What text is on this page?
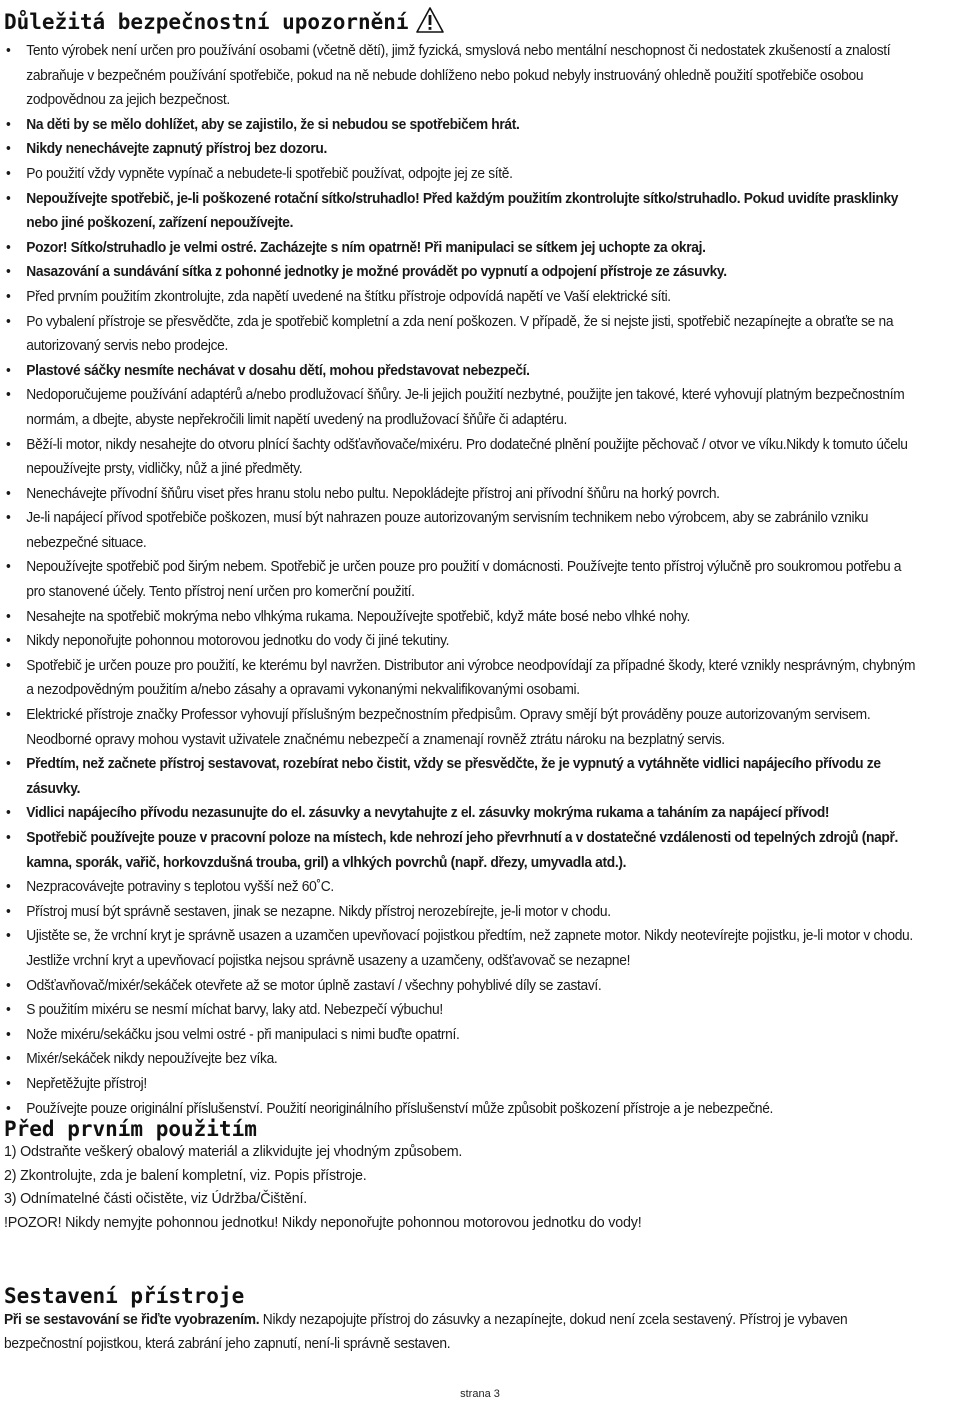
Důležitá bezpečnostní upozornění
• Tento výrobek není určen pro používání osobami (včetně dětí), jimž fyzická, smyslová nebo mentální neschopnost či nedostatek zkušeností a znalostí zabraňuje v bezpečném používání spotřebiče, pokud na ně nebude dohlíženo nebo pokud nebyly instruováný ohledně použití spotřebiče osobou zodpovědnou za jejich bezpečnost.
• Na děti by se mělo dohlížet, aby se zajistilo, že si nebudou se spotřebičem hrát.
• Nikdy nenechávejte zapnutý přístroj bez dozoru.
• Po použití vždy vypněte vypínač a nebudete-li spotřebič používat, odpojte jej ze sítě.
• Nepoužívejte spotřebič, je-li poškozené rotační sítko/struhadlo! Před každým použitím zkontrolujte sítko/struhadlo. Pokud uvidíte prasklinky nebo jiné poškození, zařízení nepoužívejte.
• Pozor! Sítko/struhadlo je velmi ostré. Zacházejte s ním opatrně! Při manipulaci se sítkem jej uchopte za okraj.
• Nasazování a sundávání sítka z pohonné jednotky je možné provádět po vypnutí a odpojení přístroje ze zásuvky.
• Před prvním použitím zkontrolujte, zda napětí uvedené na štítku přístroje odpovídá napětí ve Vaší elektrické síti.
• Po vybalení přístroje se přesvědčte, zda je spotřebič kompletní a zda není poškozen. V případě, že si nejste jisti, spotřebič nezapínejte a obraťte se na autorizovaný servis nebo prodejce.
• Plastové sáčky nesmíte nechávat v dosahu dětí, mohou představovat nebezpečí.
• Nedoporučujeme používání adaptérů a/nebo prodlužovací šňůry. Je-li jejich použití nezbytné, použijte jen takové, které vyhovují platným bezpečnostním normám, a dbejte, abyste nepřekročili limit napětí uvedený na prodlužovací šňůře či adaptéru.
• Běží-li motor, nikdy nesahejte do otvoru plnící šachty odšťavňovače/mixéru. Pro dodatečné plnění použijte pěchovač / otvor ve víku.Nikdy k tomuto účelu nepoužívejte prsty, vidličky, nůž a jiné předměty.
• Nenechávejte přívodní šňůru viset přes hranu stolu nebo pultu. Nepokládejte přístroj ani přívodní šňůru na horký povrch.
• Je-li napájecí přívod spotřebiče poškozen, musí být nahrazen pouze autorizovaným servisním technikem nebo výrobcem, aby se zabránilo vzniku nebezpečné situace.
• Nepoužívejte spotřebič pod širým nebem. Spotřebič je určen pouze pro použití v domácnosti. Používejte tento přístroj výlučně pro soukromou potřebu a pro stanovené účely. Tento přístroj není určen pro komerční použití.
• Nesahejte na spotřebič mokrýma nebo vlhkýma rukama. Nepoužívejte spotřebič, když máte bosé nebo vlhké nohy.
• Nikdy neponořujte pohonnou motorovou jednotku do vody či jiné tekutiny.
• Spotřebič je určen pouze pro použití, ke kterému byl navržen. Distributor ani výrobce neodpovídají za případné škody, které vznikly nesprávným, chybným a nezodpovědným použitím a/nebo zásahy a opravami vykonanými nekvalifikovanými osobami.
• Elektrické přístroje značky Professor vyhovují příslušným bezpečnostním předpisům. Opravy smějí být prováděny pouze autorizovaným servisem. Neodborné opravy mohou vystavit uživatele značnému nebezpečí a znamenají rovněž ztrátu nároku na bezplatný servis.
• Předtím, než začnete přístroj sestavovat, rozebírat nebo čistit, vždy se přesvědčte, že je vypnutý a vytáhněte vidlici napájecího přívodu ze zásuvky.
• Vidlici napájecího přívodu nezasunujte do el. zásuvky a nevytahujte z el. zásuvky mokrýma rukama a taháním za napájecí přívod!
• Spotřebič používejte pouze v pracovní poloze na místech, kde nehrozí jeho převrhnutí a v dostatečné vzdálenosti od tepelných zdrojů (např. kamna, sporák, vařič, horkovzdušná trouba, gril) a vlhkých povrchů (např. dřezy, umyvadla atd.).
• Nezpracovávejte potraviny s teplotou vyšší než 60˚C.
• Přístroj musí být správně sestaven, jinak se nezapne. Nikdy přístroj nerozebírejte, je-li motor v chodu.
• Ujistěte se, že vrchní kryt je správně usazen a uzamčen upevňovací pojistkou předtím, než zapnete motor. Nikdy neotevírejte pojistku, je-li motor v chodu. Jestliže vrchní kryt a upevňovací pojistka nejsou správně usazeny a uzamčeny, odšťavovač se nezapne!
• Odšťavňovač/mixér/sekáček otevřete až se motor úplně zastaví / všechny pohyblivé díly se zastaví.
• S použitím mixéru se nesmí míchat barvy, laky atd. Nebezpečí výbuchu!
• Nože mixéru/sekáčku jsou velmi ostré - při manipulaci s nimi buďte opatrní.
• Mixér/sekáček nikdy nepoužívejte bez víka.
• Nepřetěžujte přístroj!
• Používejte pouze originální příslušenství. Použití neoriginálního příslušenství může způsobit poškození přístroje a je nebezpečné.
Před prvním použitím
1) Odstraňte veškerý obalový materiál a zlikvidujte jej vhodným způsobem.
2) Zkontrolujte, zda je balení kompletní, viz. Popis přístroje.
3) Odnímatelné části očistěte, viz Údržba/Čištění.
!POZOR! Nikdy nemyjte pohonnou jednotku! Nikdy neponořujte pohonnou motorovou jednotku do vody!
Sestavení přístroje

Při se sestavování se řiďte vyobrazením. Nikdy nezapojujte přístroj do zásuvky a nezapínejte, dokud není zcela sestavený. Přístroj je vybaven bezpečnostní pojistkou, která zabrání jeho zapnutí, není-li správně sestaven.

strana 3
